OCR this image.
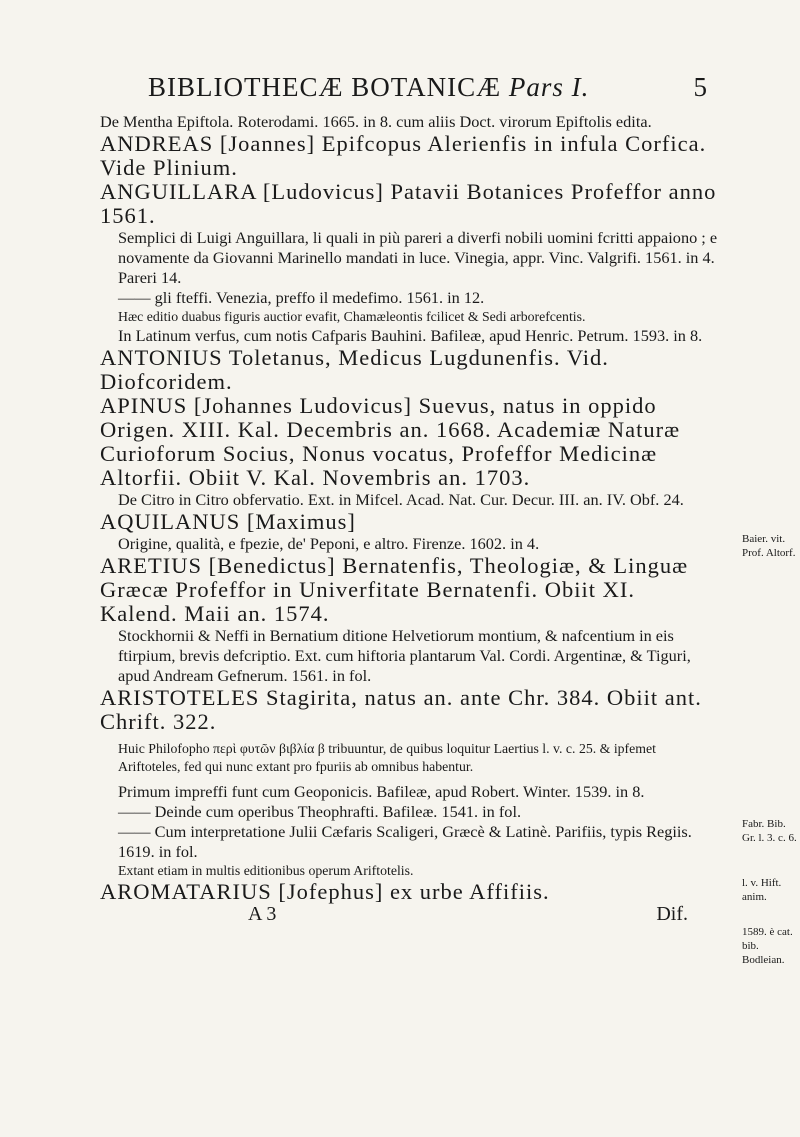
BIBLIOTHECÆ BOTANICÆ Pars I.	5

De Mentha Epiftola. Roterodami. 1665. in 8. cum aliis Doct. virorum Epiftolis edita.

ANDREAS [Joannes] Epifcopus Alerienfis in infula Corfica. Vide Plinium.

ANGUILLARA [Ludovicus] Patavii Botanices Profeffor anno 1561.

Semplici di Luigi Anguillara, li quali in più pareri a diverfi nobili uomini fcritti appaiono ; e novamente da Giovanni Marinello mandati in luce. Vinegia, appr. Vinc. Valgrifi. 1561. in 4. Pareri 14.

—— gli fteffi. Venezia, preffo il medefimo. 1561. in 12.

Hæc editio duabus figuris auctior evafit, Chamæleontis fcilicet & Sedi arborefcentis.

In Latinum verfus, cum notis Cafparis Bauhini. Bafileæ, apud Henric. Petrum. 1593. in 8.

ANTONIUS Toletanus, Medicus Lugdunenfis. Vid. Diofcoridem.

APINUS [Johannes Ludovicus] Suevus, natus in oppido Origen. XIII. Kal. Decembris an. 1668. Academiæ Naturæ Curioforum Socius, Nonus vocatus, Profeffor Medicinæ Altorfii. Obiit V. Kal. Novembris an. 1703.

De Citro in Citro obfervatio. Ext. in Mifcel. Acad. Nat. Cur. Decur. III. an. IV. Obf. 24.

AQUILANUS [Maximus]

Origine, qualità, e fpezie, de' Peponi, e altro. Firenze. 1602. in 4.

ARETIUS [Benedictus] Bernatenfis, Theologiæ, & Linguæ Græcæ Profeffor in Univerfitate Bernatenfi. Obiit XI. Kalend. Maii an. 1574.

Stockhornii & Neffi in Bernatium ditione Helvetiorum montium, & nafcentium in eis ftirpium, brevis defcriptio. Ext. cum hiftoria plantarum Val. Cordi. Argentinæ, & Tiguri, apud Andream Gefnerum. 1561. in fol.

ARISTOTELES Stagirita, natus an. ante Chr. 384. Obiit ant. Chrift. 322.

Huic Philofopho περὶ φυτῶν βιβλία β tribuuntur, de quibus loquitur Laertius l. v. c. 25. & ipfemet Ariftoteles, fed qui nunc extant pro fpuriis ab omnibus habentur.

Primum impreffi funt cum Geoponicis. Bafileæ, apud Robert. Winter. 1539. in 8.

—— Deinde cum operibus Theophrafti. Bafileæ. 1541. in fol.

—— Cum interpretatione Julii Cæfaris Scaligeri, Græcè & Latinè. Parifiis, typis Regiis. 1619. in fol.

Extant etiam in multis editionibus operum Ariftotelis.

AROMATARIUS [Jofephus] ex urbe Affifiis.

A 3	Dif.
Baier. vit. Prof. Altorf.
Fabr. Bib. Gr. l. 3. c. 6.
l. v. Hift. anim.
1589. è cat. bib. Bodleian.
